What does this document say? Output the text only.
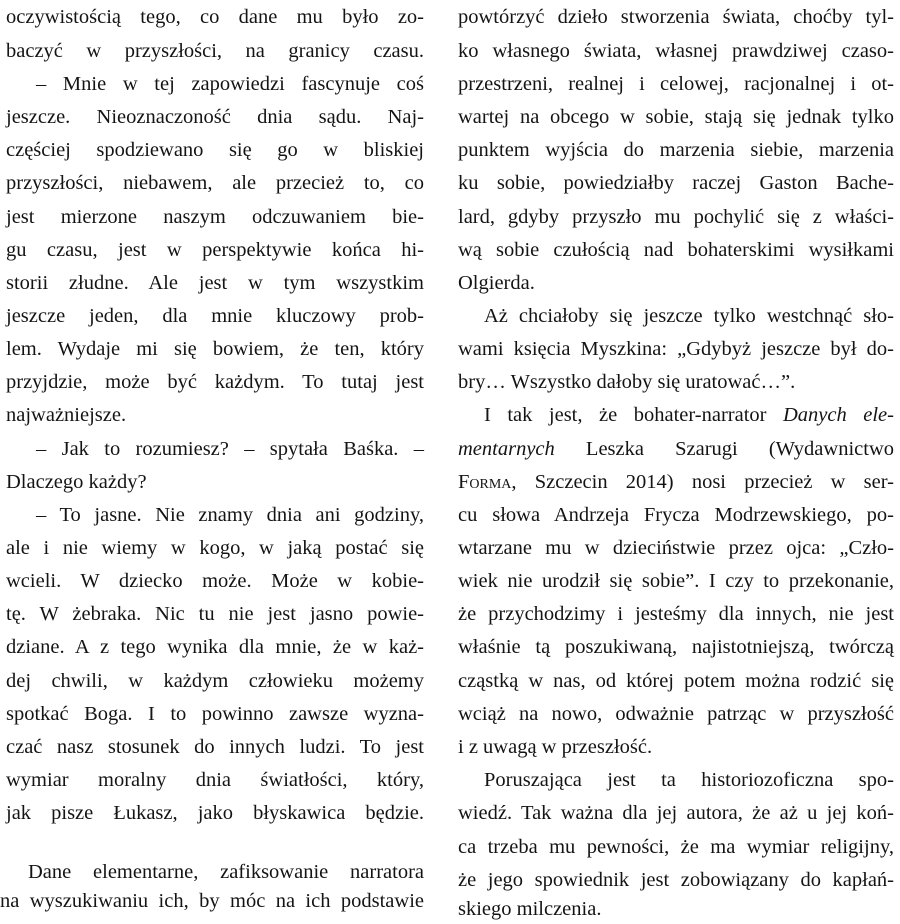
oczywistością tego, co dane mu było zo-
baczyć w przyszłości, na granicy czasu.
– Mnie w tej zapowiedzi fascynuje coś
jeszcze. Nieoznaczoność dnia sądu. Naj-
częściej spodziewano się go w bliskiej
przyszłości, niebawem, ale przecież to, co
jest mierzone naszym odczuwaniem bie-
gu czasu, jest w perspektywie końca hi-
storii złudne. Ale jest w tym wszystkim
jeszcze jeden, dla mnie kluczowy prob-
lem. Wydaje mi się bowiem, że ten, który
przyjdzie, może być każdym. To tutaj jest
najważniejsze.
– Jak to rozumiesz? – spytała Baśka. –
Dlaczego każdy?
– To jasne. Nie znamy dnia ani godziny,
ale i nie wiemy w kogo, w jaką postać się
wcieli. W dziecko może. Może w kobie-
tę. W żebraka. Nic tu nie jest jasno powie-
dziane. A z tego wynika dla mnie, że w każ-
dej chwili, w każdym człowieku możemy
spotkać Boga. I to powinno zawsze wyzna-
czać nasz stosunek do innych ludzi. To jest
wymiar moralny dnia światłości, który,
jak pisze Łukasz, jako błyskawica będzie.
Dane elementarne, zafiksowanie narratora
na wyszukiwaniu ich, by móc na ich podstawie
powtórzyć dzieło stworzenia świata, choćby tyl-
ko własnego świata, własnej prawdziwej czaso-
przestrzeni, realnej i celowej, racjonalnej i ot-
wartej na obcego w sobie, stają się jednak tylko
punktem wyjścia do marzenia siebie, marzenia
ku sobie, powiedziałby raczej Gaston Bache-
lard, gdyby przyszło mu pochylić się z właści-
wą sobie czułością nad bohaterskimi wysiłkami
Olgierda.
Aż chciałoby się jeszcze tylko westchnąć sło-
wami księcia Myszkina: „Gdybyż jeszcze był do-
bry… Wszystko dałoby się uratować…”.
I tak jest, że bohater-narrator Danych ele-
mentarnych Leszka Szarugi (Wydawnictwo
Forma, Szczecin 2014) nosi przecież w ser-
cu słowa Andrzeja Frycza Modrzewskiego, po-
wtarzane mu w dzieciństwie przez ojca: „Czło-
wiek nie urodził się sobie”. I czy to przekonanie,
że przychodzimy i jesteśmy dla innych, nie jest
właśnie tą poszukiwaną, najistotniejszą, twórczą
cząstką w nas, od której potem można rodzić się
wciąż na nowo, odważnie patrząc w przyszłość
i z uwagą w przeszłość.
Poruszająca jest ta historiozoficzna spo-
wiedź. Tak ważna dla jej autora, że aż u jej koń-
ca trzeba mu pewności, że ma wymiar religijny,
że jego spowiednik jest zobowiązany do kapłań-
skiego milczenia.
